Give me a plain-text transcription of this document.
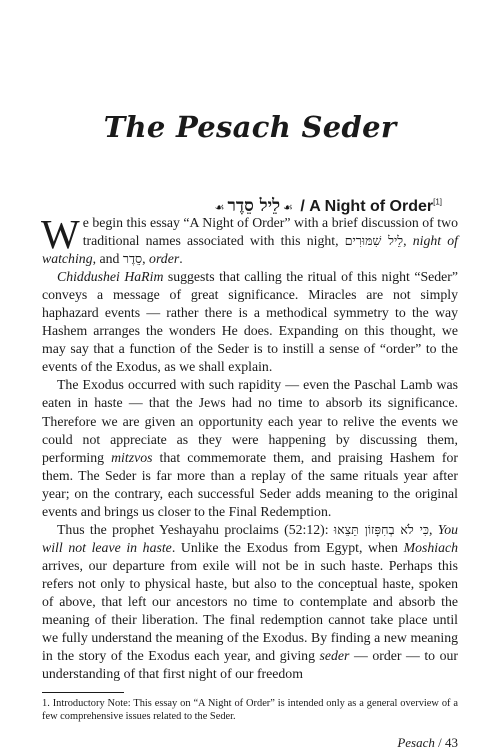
The Pesach Seder
☙ לֵיל סֵדֶר ☙ / A Night of Order[1]

We begin this essay “A Night of Order” with a brief discussion of two traditional names associated with this night, לֵיל שִׁמּוּרִים, night of watching, and סֵדֶר, order.

Chiddushei HaRim suggests that calling the ritual of this night “Seder” conveys a message of great significance. Miracles are not simply haphazard events — rather there is a methodical symmetry to the way Hashem arranges the wonders He does. Expanding on this thought, we may say that a function of the Seder is to instill a sense of “order” to the events of the Exodus, as we shall explain.

The Exodus occurred with such rapidity — even the Paschal Lamb was eaten in haste — that the Jews had no time to absorb its significance. Therefore we are given an opportunity each year to relive the events we could not appreciate as they were happening by discussing them, performing mitzvos that commemorate them, and praising Hashem for them. The Seder is far more than a replay of the same rituals year after year; on the contrary, each successful Seder adds meaning to the original events and brings us closer to the Final Redemption.

Thus the prophet Yeshayahu proclaims (52:12): כִּי לֹא בְחִפָּזוֹן תֵּצֵאוּ, You will not leave in haste. Unlike the Exodus from Egypt, when Moshiach arrives, our departure from exile will not be in such haste. Perhaps this refers not only to physical haste, but also to the conceptual haste, spoken of above, that left our ancestors no time to contemplate and absorb the meaning of their liberation. The final redemption cannot take place until we fully understand the meaning of the Exodus. By finding a new meaning in the story of the Exodus each year, and giving seder — order — to our understanding of that first night of our freedom

1. Introductory Note: This essay on “A Night of Order” is intended only as a general overview of a few comprehensive issues related to the Seder.

Pesach / 43
